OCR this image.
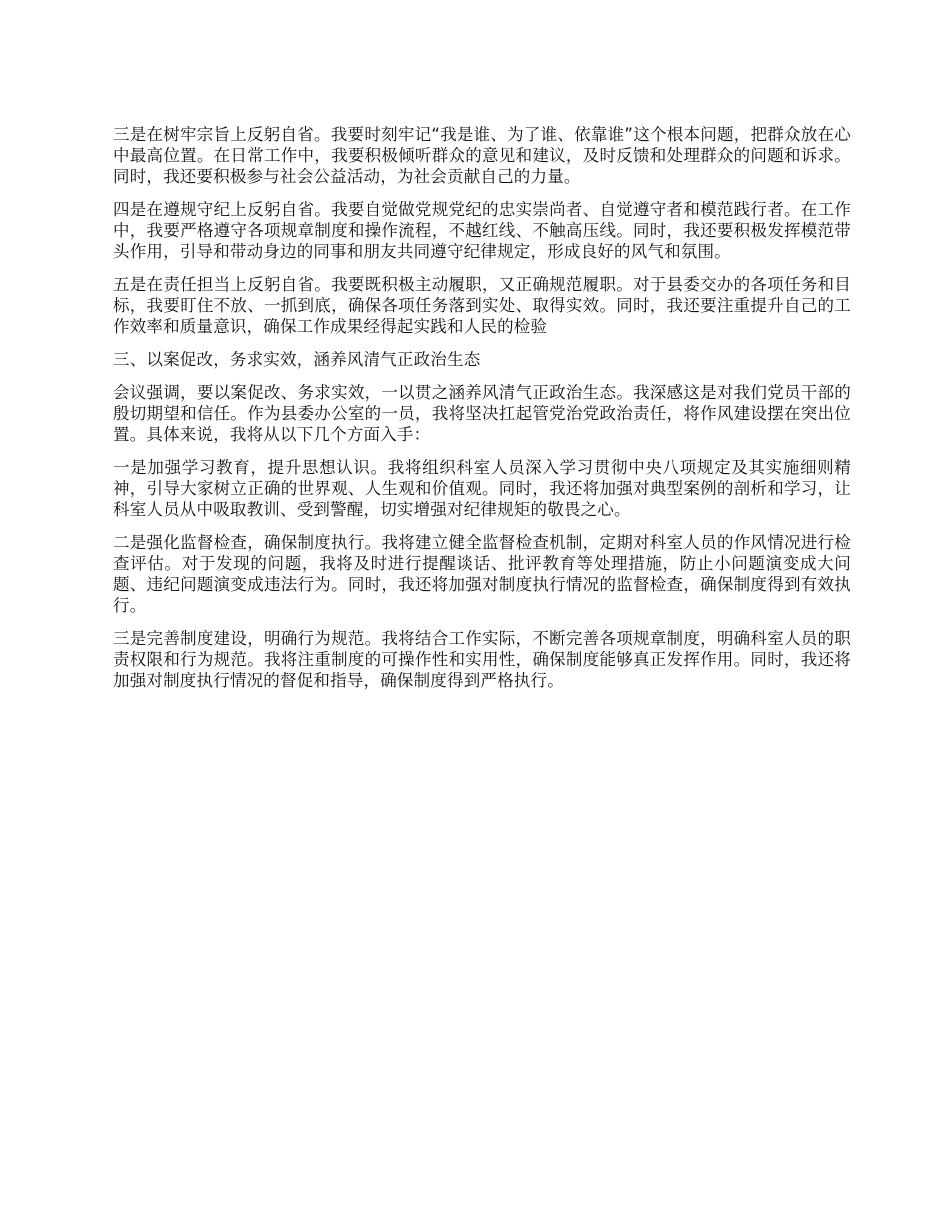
三是在树牢宗旨上反躬自省。我要时刻牢记“我是谁、为了谁、依靠谁”这个根本问题，把群众放在心中最高位置。在日常工作中，我要积极倾听群众的意见和建议，及时反馈和处理群众的问题和诉求。同时，我还要积极参与社会公益活动，为社会贡献自己的力量。

四是在遵规守纪上反躬自省。我要自觉做党规党纪的忠实崇尚者、自觉遵守者和模范践行者。在工作中，我要严格遵守各项规章制度和操作流程，不越红线、不触高压线。同时，我还要积极发挥模范带头作用，引导和带动身边的同事和朋友共同遵守纪律规定，形成良好的风气和氛围。

五是在责任担当上反躬自省。我要既积极主动履职，又正确规范履职。对于县委交办的各项任务和目标，我要盯住不放、一抓到底，确保各项任务落到实处、取得实效。同时，我还要注重提升自己的工作效率和质量意识，确保工作成果经得起实践和人民的检验

三、以案促改，务求实效，涵养风清气正政治生态

会议强调，要以案促改、务求实效，一以贯之涵养风清气正政治生态。我深感这是对我们党员干部的殷切期望和信任。作为县委办公室的一员，我将坚决扛起管党治党政治责任，将作风建设摆在突出位置。具体来说，我将从以下几个方面入手：

一是加强学习教育，提升思想认识。我将组织科室人员深入学习贯彻中央八项规定及其实施细则精神，引导大家树立正确的世界观、人生观和价值观。同时，我还将加强对典型案例的剖析和学习，让科室人员从中吸取教训、受到警醒，切实增强对纪律规矩的敬畏之心。

二是强化监督检查，确保制度执行。我将建立健全监督检查机制，定期对科室人员的作风情况进行检查评估。对于发现的问题，我将及时进行提醒谈话、批评教育等处理措施，防止小问题演变成大问题、违纪问题演变成违法行为。同时，我还将加强对制度执行情况的监督检查，确保制度得到有效执行。

三是完善制度建设，明确行为规范。我将结合工作实际，不断完善各项规章制度，明确科室人员的职责权限和行为规范。我将注重制度的可操作性和实用性，确保制度能够真正发挥作用。同时，我还将加强对制度执行情况的督促和指导，确保制度得到严格执行。
